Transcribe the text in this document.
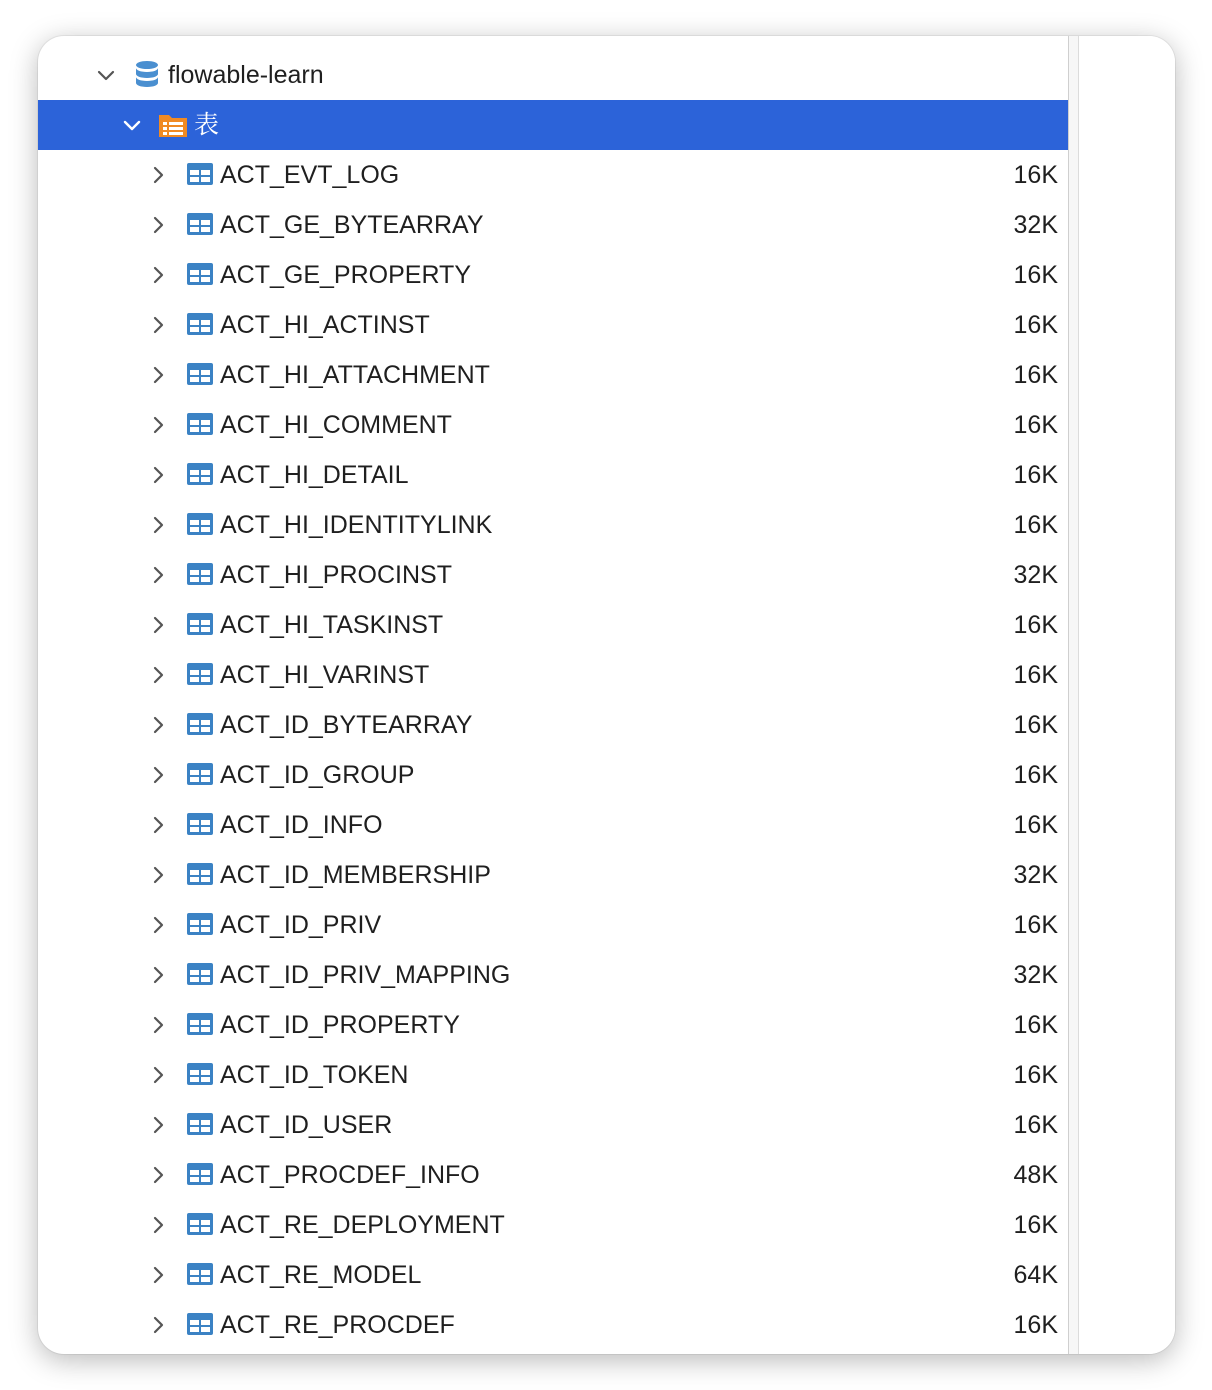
flowable-learn
表
ACT_EVT_LOG	16K
ACT_GE_BYTEARRAY	32K
ACT_GE_PROPERTY	16K
ACT_HI_ACTINST	16K
ACT_HI_ATTACHMENT	16K
ACT_HI_COMMENT	16K
ACT_HI_DETAIL	16K
ACT_HI_IDENTITYLINK	16K
ACT_HI_PROCINST	32K
ACT_HI_TASKINST	16K
ACT_HI_VARINST	16K
ACT_ID_BYTEARRAY	16K
ACT_ID_GROUP	16K
ACT_ID_INFO	16K
ACT_ID_MEMBERSHIP	32K
ACT_ID_PRIV	16K
ACT_ID_PRIV_MAPPING	32K
ACT_ID_PROPERTY	16K
ACT_ID_TOKEN	16K
ACT_ID_USER	16K
ACT_PROCDEF_INFO	48K
ACT_RE_DEPLOYMENT	16K
ACT_RE_MODEL	64K
ACT_RE_PROCDEF	16K
